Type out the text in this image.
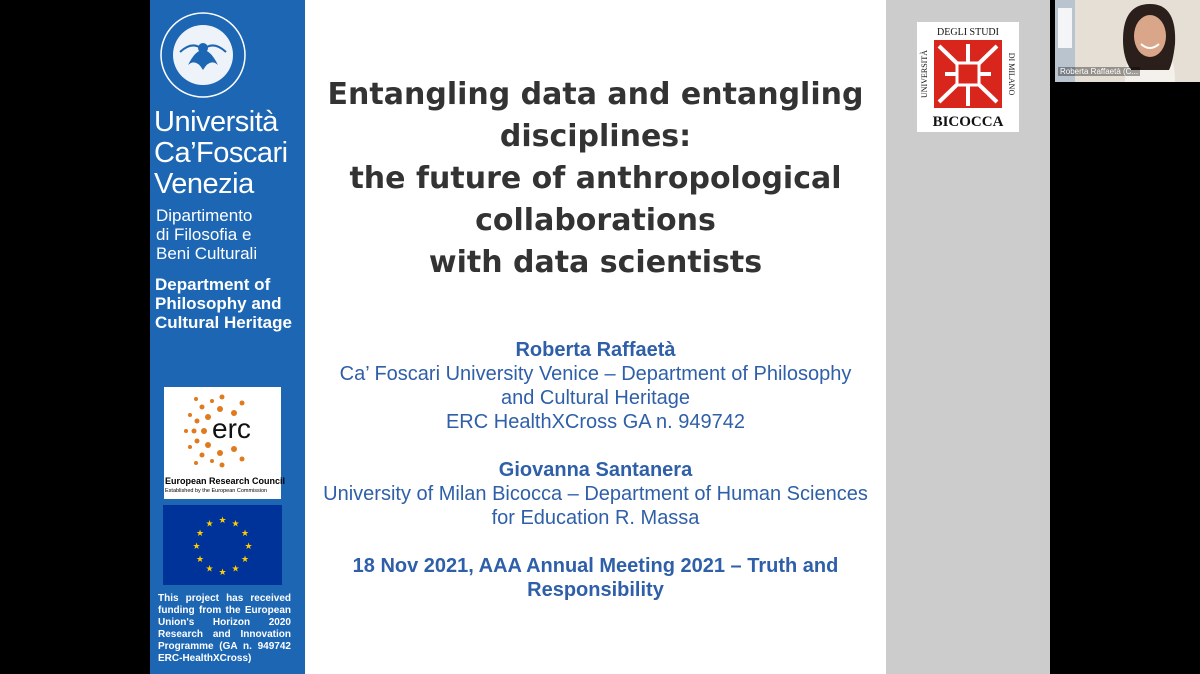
Università
Ca’Foscari
Venezia
Dipartimento
di Filosofia e
Beni Culturali
Department of
Philosophy and
Cultural Heritage
erc
European Research Council
Established by the European Commission
★ ★
★
★
★
★
★
★
★
★
★
★
This project has received funding from the European Union's Horizon 2020 Research and Innovation Programme (GA n. 949742 ERC-HealthXCross)
Entangling data and entangling
disciplines:
the future of anthropological
collaborations
with data scientists
Roberta Raffaetà
Ca’ Foscari University Venice – Department of Philosophy
and Cultural Heritage
ERC HealthXCross GA n. 949742
Giovanna Santanera
University of Milan Bicocca – Department of Human Sciences
for Education R. Massa
18 Nov 2021, AAA Annual Meeting 2021 – Truth and
Responsibility
DEGLI STUDI
BICOCCA
UNIVERSITÀ	DI MILANO	Roberta Raffaetà (C...
